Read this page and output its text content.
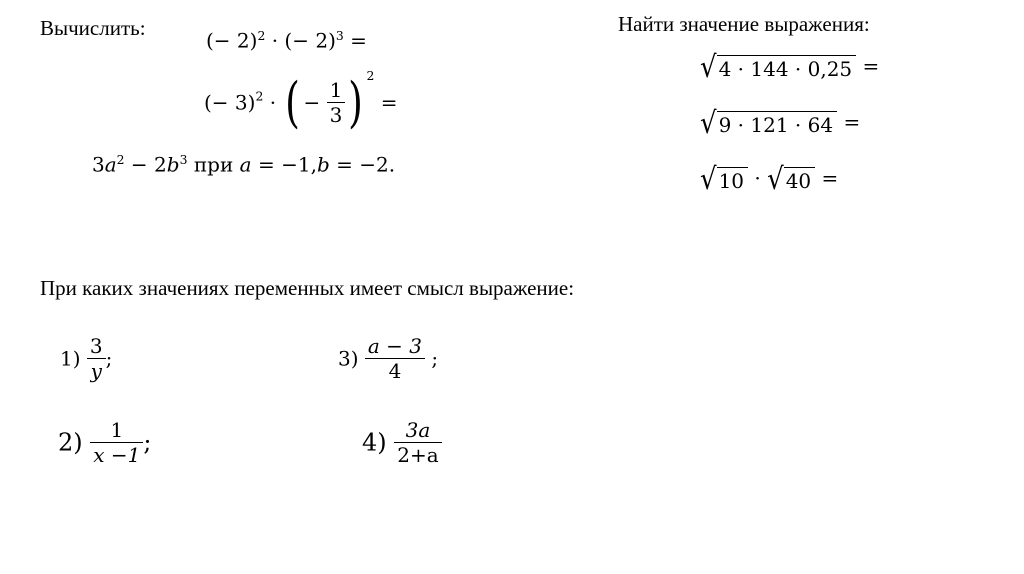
Вычислить:
(− 2)$^2$ · (− 2)$^3$ =
(− 3)$^2$ · ( − $\frac{1}{3}$ ) $^2$ =
$3a^2 - 2b^3$ при a = −1,b = −2.
Найти значение выражения:
√ 4 · 144 · 0,25 =
√ 9 · 121 · 64 =
√ 10 · √ 40 =
При каких значениях переменных имеет смысл выражение:
$1) \frac{3}{y}$ ;	$3) \frac{a - 3}{4}$ ;
$2) \frac{1}{x -1}$ ;	$4) \frac{3a}{2+a}$
